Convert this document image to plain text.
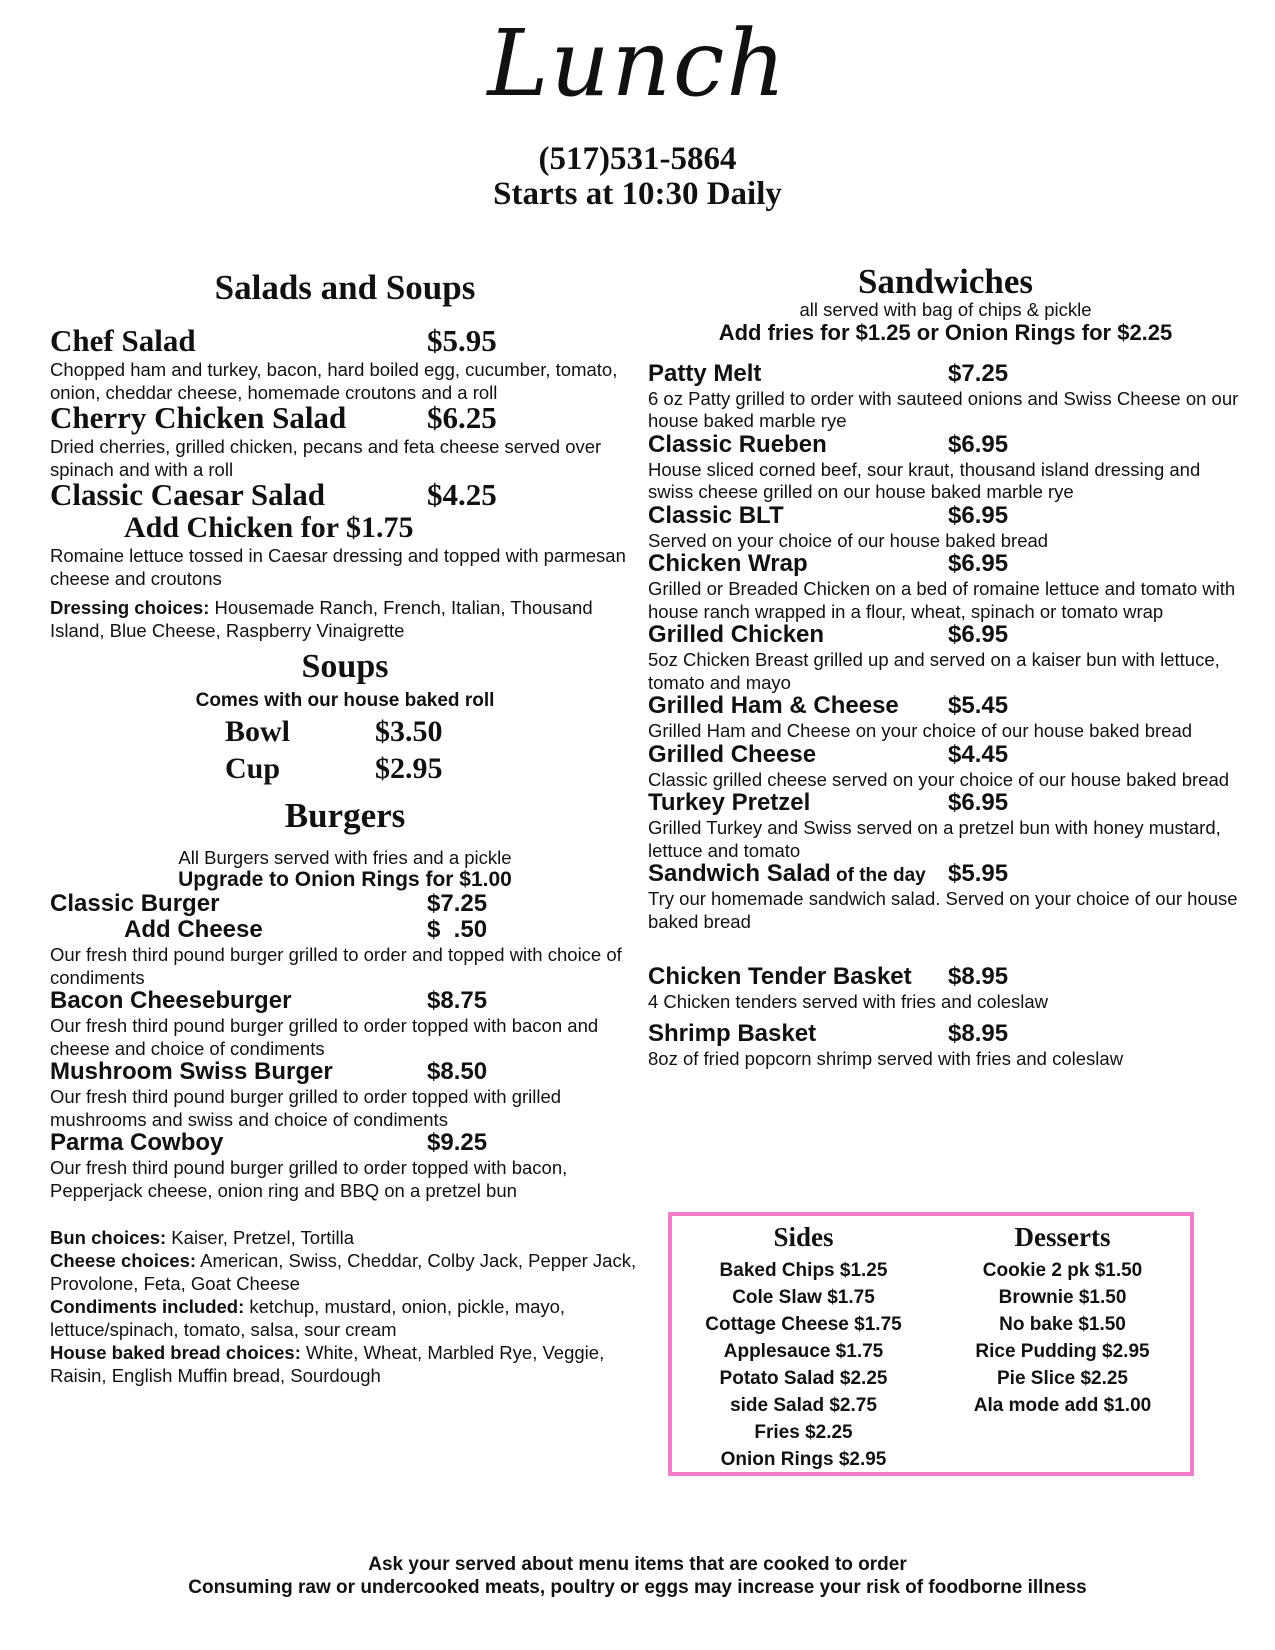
Lunch
(517)531-5864
Starts at 10:30 Daily
Salads and Soups
Chef Salad	$5.95
Chopped ham and turkey, bacon, hard boiled egg, cucumber, tomato, onion, cheddar cheese, homemade croutons and a roll
Cherry Chicken Salad	$6.25
Dried cherries, grilled chicken, pecans and feta cheese served over spinach and with a roll
Classic Caesar Salad	$4.25
Add Chicken for $1.75
Romaine lettuce tossed in Caesar dressing and topped with parmesan cheese and croutons
Dressing choices: Housemade Ranch, French, Italian, Thousand Island, Blue Cheese, Raspberry Vinaigrette
Soups
Comes with our house baked roll
Bowl	$3.50
Cup	$2.95
Burgers
All Burgers served with fries and a pickle
Upgrade to Onion Rings for $1.00
Classic Burger	$7.25
Add Cheese	$  .50
Our fresh third pound burger grilled to order and topped with choice of condiments
Bacon Cheeseburger	$8.75
Our fresh third pound burger grilled to order topped with bacon and cheese and choice of condiments
Mushroom Swiss Burger	$8.50
Our fresh third pound burger grilled to order topped with grilled mushrooms and swiss and choice of condiments
Parma Cowboy	$9.25
Our fresh third pound burger grilled to order topped with bacon, Pepperjack cheese, onion ring and BBQ on a pretzel bun
Bun choices: Kaiser, Pretzel, Tortilla
Cheese choices: American, Swiss, Cheddar, Colby Jack, Pepper Jack,  Provolone, Feta, Goat Cheese
Condiments included: ketchup, mustard, onion, pickle, mayo, lettuce/spinach, tomato, salsa, sour cream
House baked bread choices: White, Wheat, Marbled Rye, Veggie, Raisin, English Muffin bread, Sourdough
Sandwiches
all served with bag of chips & pickle
Add fries for $1.25 or Onion Rings for $2.25
Patty Melt	$7.25
6 oz Patty grilled to order with sauteed onions and Swiss Cheese on our house baked marble rye
Classic Rueben	$6.95
House sliced corned beef, sour kraut, thousand island dressing and swiss cheese grilled on our house baked marble rye
Classic BLT	$6.95
Served on your choice of our house baked bread
Chicken Wrap	$6.95
Grilled or Breaded Chicken on a bed of romaine lettuce and tomato with house ranch wrapped in a flour, wheat, spinach or tomato wrap
Grilled Chicken	$6.95
5oz Chicken Breast grilled up and served on a kaiser bun with lettuce, tomato and mayo
Grilled Ham & Cheese $5.45
Grilled Ham and Cheese on your choice of our house baked bread
Grilled Cheese	$4.45
Classic grilled cheese served on your choice of our house baked bread
Turkey Pretzel	$6.95
Grilled Turkey and Swiss served on a pretzel bun with honey mustard, lettuce and tomato
Sandwich Salad of the day $5.95
Try our homemade sandwich salad. Served on your choice of our house baked bread
Chicken Tender Basket $8.95
4 Chicken tenders served with fries and coleslaw
Shrimp Basket	$8.95
8oz of fried popcorn shrimp served with fries and coleslaw
Sides
Baked Chips $1.25
Cole Slaw $1.75
Cottage Cheese $1.75
Applesauce $1.75
Potato Salad $2.25
side Salad $2.75
Fries $2.25
Onion Rings $2.95
Desserts
Cookie 2 pk $1.50
Brownie $1.50
No bake $1.50
Rice Pudding $2.95
Pie Slice $2.25
Ala mode add $1.00
Ask your served about menu items that are cooked to order
Consuming raw or undercooked meats, poultry or eggs may increase your risk of foodborne illness
